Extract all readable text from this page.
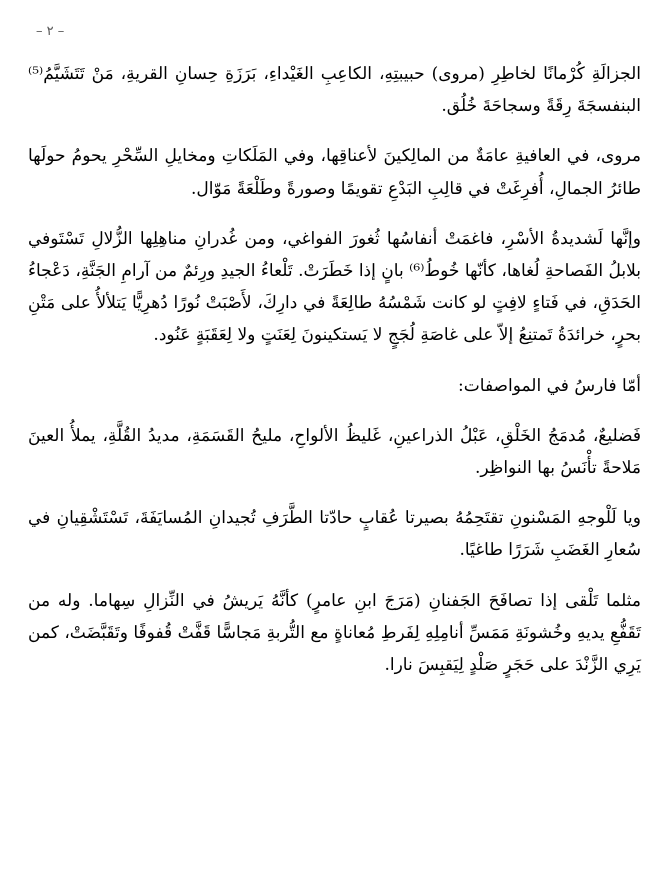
– ٢ –

الجزالَةِ كُرْمانًا لخاطِرِ (مروى) حبيبتِهِ، الكاعِبِ الغَيْداءِ، بَرَزَةِ حِسانِ القريةِ، مَنْ تَتَشَيَّمُ⁽⁵⁾ البنفسجَةَ رِقَةً وسجاحَةَ خُلُق.

مروى، في العافيةِ عامَةٌ من المالِكينَ لأعناقِها، وفي المَلَكاتِ ومخايلِ السِّحْرِ يحومُ حولَها طائرُ الجمالِ، أُفرِغَتْ في قالِبِ البَدْعِ تقويمًا وصورةً وطَلْعَةً مَوّال.

وإنَّها لَشديدةُ الأسْرِ، فاغمَتْ أنفاسُها ثُغورَ الفواغي، ومن غُدرانِ مناهِلِها الزُّلالِ تَسْتَوفي بلابلُ الفَصاحةِ لُغاها، كأنّها خُوطُ⁽⁶⁾ بانٍ إذا خَطَرَتْ. تَلْعاءُ الجيدِ ورِئمٌ من آرامِ الجَنَّةِ، دَعْجاءُ الحَدَقِ، في فَتاءٍ لافِتٍ لو كانت شَمْسُهُ طالِعَةً في دارِكَ، لأَصْبَتْ نُورًا دُهرِيًّا يَتلألأُ على مَتْنِ بحرٍ، خرائدَةُ تَمتنِعُ إلاّ على غاصَةِ لُجَجٍ لا يَستكينونَ لِعَنَتٍ ولا لِعَقَبَةٍ عَنُود.

أمّا فارسُ في المواصفات:

فَضليعٌ، مُدمَجُ الخَلْقِ، عَبْلُ الذراعينِ، غَليظُ الألواحِ، مليحُ القَسَمَةِ، مديدُ القُلَّةِ، يملأُ العينَ مَلاحةً تأْنَسُ بها النواظِر.

ويا لَلْوجهِ المَسْنونِ تقتَحِمُهُ بصيرتا عُقابٍ حادّتا الطَّرَفِ تُجيدانِ المُسايَفَةَ، تَسْتَشْقِيانِ في سُعارِ الغَضَبِ شَرَرًا طاغيًا.

مثلما تَلْقى إذا تصافَحَ الجَفنانِ (مَرَجَ ابنِ عامرٍ) كأنَّهُ يَريشُ في النِّزالِ سِهاما. وله من تَقَفُّعِ يديهِ وخُشونَةِ مَمَسِّ أنامِلِهِ لِفَرطِ مُعاناةٍ مع التُّربةِ مَجاسًّا قَفَّتْ قُفوفًا وتَقَبَّضَتْ، كمن يَرِي الزَّنْدَ على حَجَرٍ صَلْدٍ لِيَقبِسَ نارا.
